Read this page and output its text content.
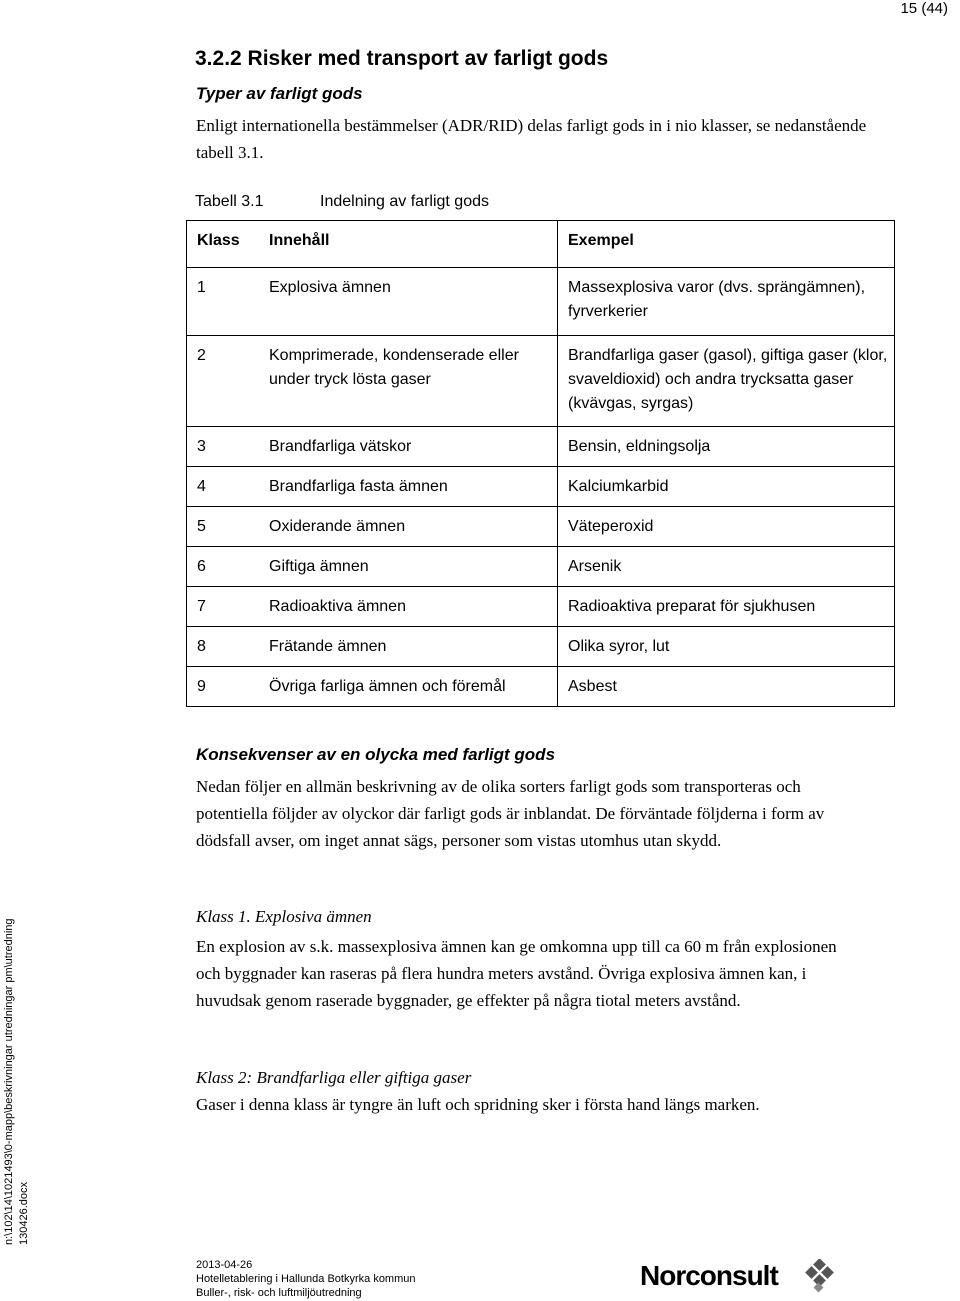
15 (44)
3.2.2 Risker med transport av farligt gods
Typer av farligt gods
Enligt internationella bestämmelser (ADR/RID) delas farligt gods in i nio klasser, se nedanstående tabell 3.1.
Tabell 3.1	Indelning av farligt gods
Klass Innehåll	Exempel

1 Explosiva ämnen	Massexplosiva varor (dvs. sprängämnen), fyrverkerier

2 Komprimerade, kondenserade eller under tryck lösta gaser	Brandfarliga gaser (gasol), giftiga gaser (klor, svaveldioxid) och andra trycksatta gaser (kvävgas, syrgas)

3 Brandfarliga vätskor	Bensin, eldningsolja

4 Brandfarliga fasta ämnen	Kalciumkarbid

5 Oxiderande ämnen	Väteperoxid

6 Giftiga ämnen	Arsenik

7 Radioaktiva ämnen	Radioaktiva preparat för sjukhusen

8 Frätande ämnen	Olika syror, lut

9 Övriga farliga ämnen och föremål	Asbest
Konsekvenser av en olycka med farligt gods
Nedan följer en allmän beskrivning av de olika sorters farligt gods som transporteras och potentiella följder av olyckor där farligt gods är inblandat. De förväntade följderna i form av dödsfall avser, om inget annat sägs, personer som vistas utomhus utan skydd.
Klass 1. Explosiva ämnen
En explosion av s.k. massexplosiva ämnen kan ge omkomna upp till ca 60 m från explosionen och byggnader kan raseras på flera hundra meters avstånd. Övriga explosiva ämnen kan, i huvudsak genom raserade byggnader, ge effekter på några tiotal meters avstånd.
Klass 2: Brandfarliga eller giftiga gaser
Gaser i denna klass är tyngre än luft och spridning sker i första hand längs marken.
n:\102\14\1021493\0-mapp\beskrivningar utredningar pm\utredning 130426.docx
2013-04-26
Hotelletablering i Hallunda Botkyrka kommun
Buller-, risk- och luftmiljöutredning
Norconsult
